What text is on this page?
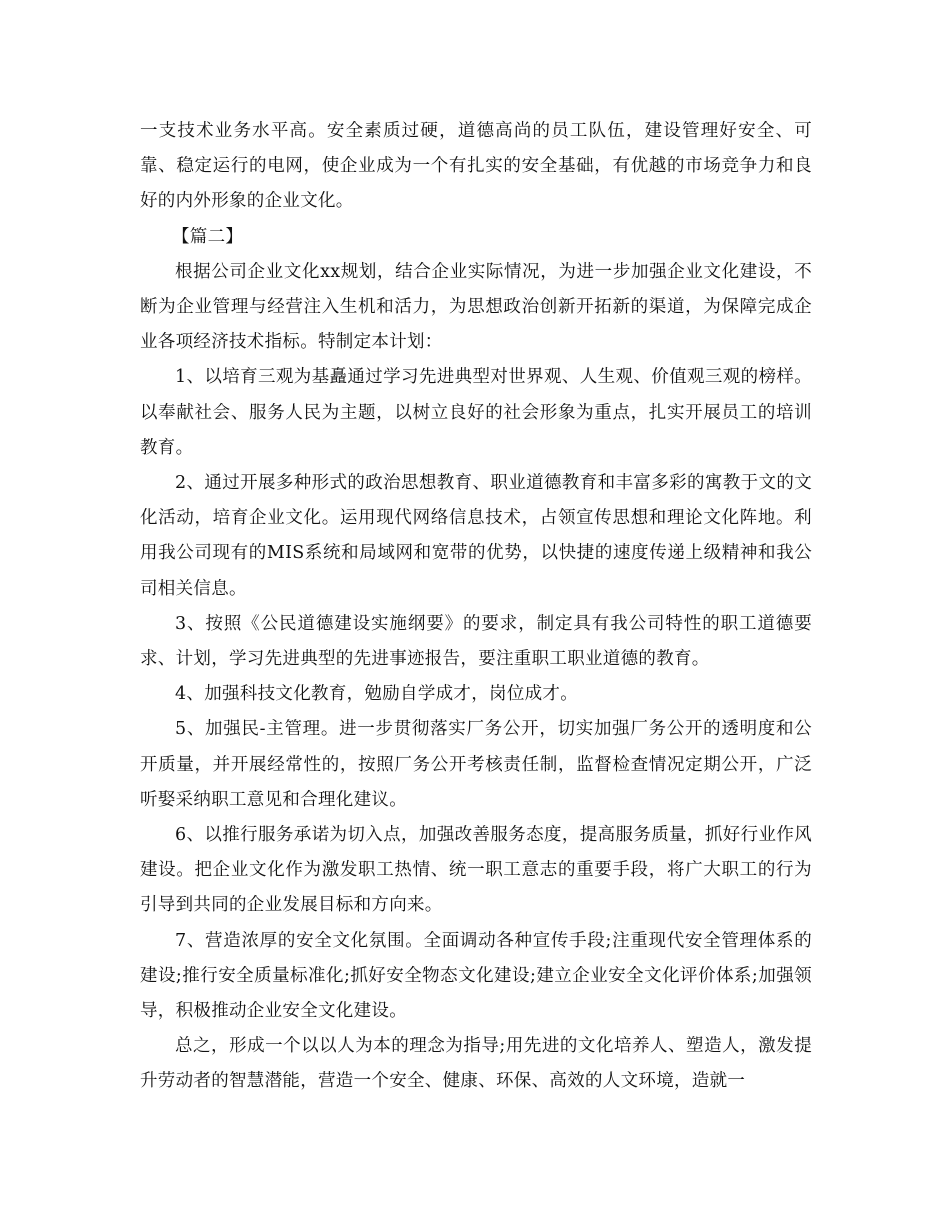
一支技术业务水平高。安全素质过硬，道德高尚的员工队伍，建设管理好安全、可靠、稳定运行的电网，使企业成为一个有扎实的安全基础，有优越的市场竞争力和良好的内外形象的企业文化。

【篇二】

根据公司企业文化xx规划，结合企业实际情况，为进一步加强企业文化建设，不断为企业管理与经营注入生机和活力，为思想政治创新开拓新的渠道，为保障完成企业各项经济技术指标。特制定本计划：

1、以培育三观为基矗通过学习先进典型对世界观、人生观、价值观三观的榜样。以奉献社会、服务人民为主题，以树立良好的社会形象为重点，扎实开展员工的培训教育。

2、通过开展多种形式的政治思想教育、职业道德教育和丰富多彩的寓教于文的文化活动，培育企业文化。运用现代网络信息技术，占领宣传思想和理论文化阵地。利用我公司现有的MIS系统和局域网和宽带的优势，以快捷的速度传递上级精神和我公司相关信息。

3、按照《公民道德建设实施纲要》的要求，制定具有我公司特性的职工道德要求、计划，学习先进典型的先进事迹报告，要注重职工职业道德的教育。

4、加强科技文化教育，勉励自学成才，岗位成才。

5、加强民-主管理。进一步贯彻落实厂务公开，切实加强厂务公开的透明度和公开质量，并开展经常性的，按照厂务公开考核责任制，监督检查情况定期公开，广泛听娶采纳职工意见和合理化建议。

6、以推行服务承诺为切入点，加强改善服务态度，提高服务质量，抓好行业作风建设。把企业文化作为激发职工热情、统一职工意志的重要手段，将广大职工的行为引导到共同的企业发展目标和方向来。

7、营造浓厚的安全文化氛围。全面调动各种宣传手段;注重现代安全管理体系的建设;推行安全质量标准化;抓好安全物态文化建设;建立企业安全文化评价体系;加强领导，积极推动企业安全文化建设。

总之，形成一个以以人为本的理念为指导;用先进的文化培养人、塑造人，激发提升劳动者的智慧潜能，营造一个安全、健康、环保、高效的人文环境，造就一
